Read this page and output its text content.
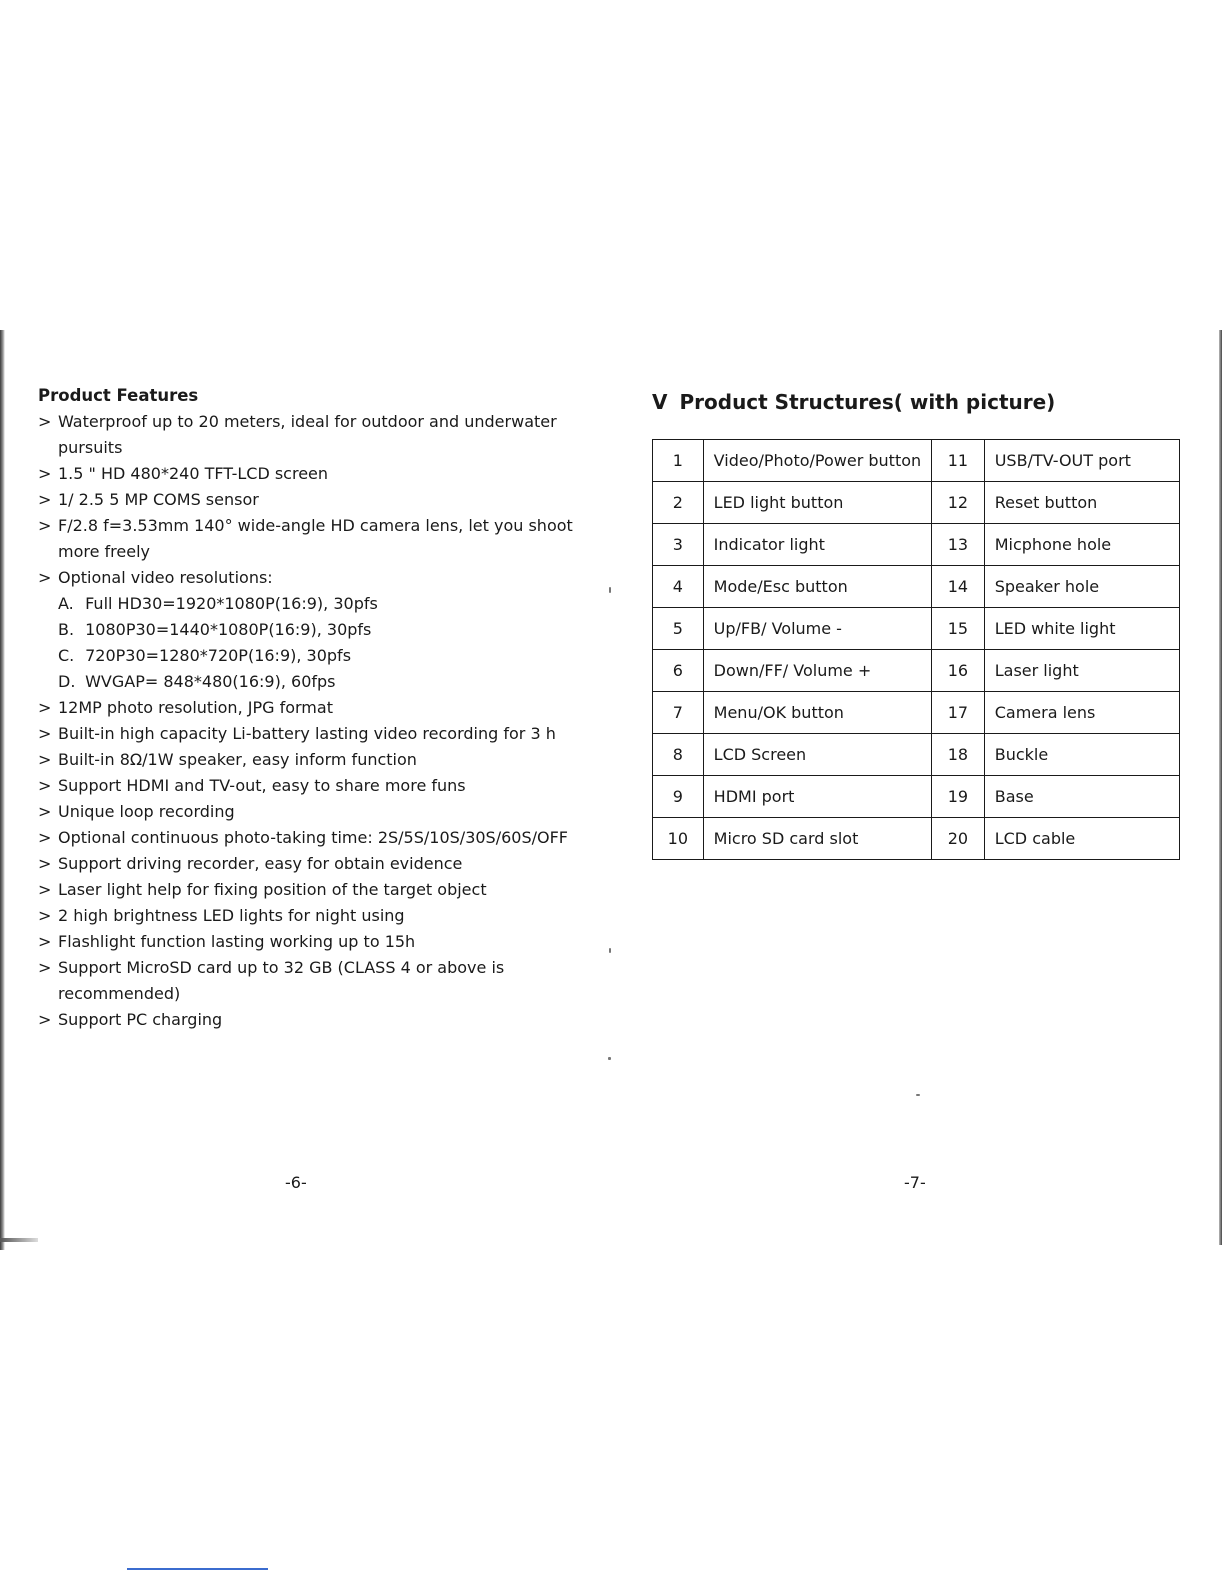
Product Features
> Waterproof up to 20 meters, ideal for outdoor and underwater pursuits
> 1.5 " HD 480*240 TFT-LCD screen
> 1/ 2.5 5 MP COMS sensor
> F/2.8 f=3.53mm 140° wide-angle HD camera lens, let you shoot more freely
> Optional video resolutions:
A. Full HD30=1920*1080P(16:9), 30pfs
B. 1080P30=1440*1080P(16:9), 30pfs
C. 720P30=1280*720P(16:9), 30pfs
D. WVGAP= 848*480(16:9), 60fps
> 12MP photo resolution, JPG format
> Built-in high capacity Li-battery lasting video recording for 3 h
> Built-in 8Ω/1W speaker, easy inform function
> Support HDMI and TV-out, easy to share more funs
> Unique loop recording
> Optional continuous photo-taking time: 2S/5S/10S/30S/60S/OFF
> Support driving recorder, easy for obtain evidence
> Laser light help for fixing position of the target object
> 2 high brightness LED lights for night using
> Flashlight function lasting working up to 15h
> Support MicroSD card up to 32 GB (CLASS 4 or above is recommended)
> Support PC charging
-6-
V Product Structures( with picture)
1	Video/Photo/Power button	11	USB/TV-OUT port
2	LED light button	12	Reset button
3	Indicator light	13	Micphone hole
4	Mode/Esc button	14	Speaker hole
5	Up/FB/ Volume -	15	LED white light
6	Down/FF/ Volume +	16	Laser light
7	Menu/OK button	17	Camera lens
8	LCD Screen	18	Buckle
9	HDMI port	19	Base
10	Micro SD card slot	20	LCD cable
-7-
